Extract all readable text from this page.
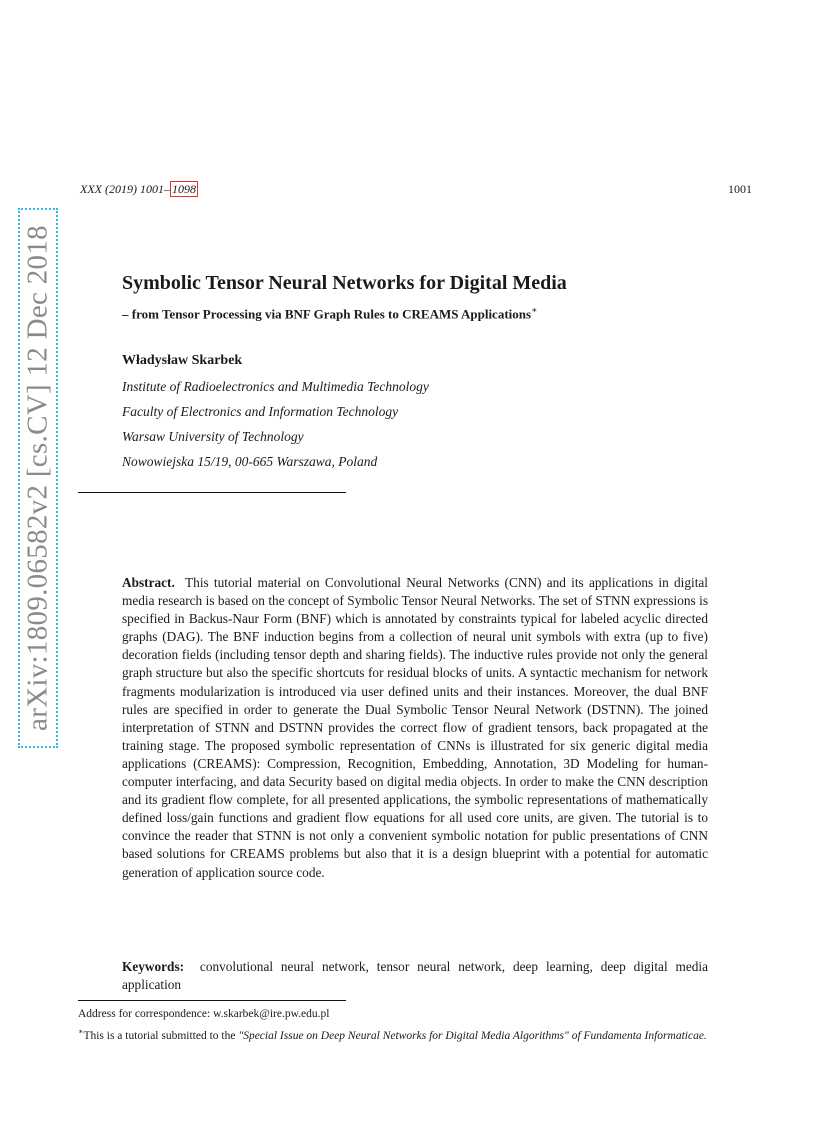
XXX (2019) 1001– 1098	1001
arXiv:1809.06582v2 [cs.CV] 12 Dec 2018	Symbolic Tensor Neural Networks for Digital Media
– from Tensor Processing via BNF Graph Rules to CREAMS Applications∗
Władysław Skarbek
Institute of Radioelectronics and Multimedia Technology
Faculty of Electronics and Information Technology
Warsaw University of Technology
Nowowiejska 15/19, 00-665 Warszawa, Poland
Abstract. This tutorial material on Convolutional Neural Networks (CNN) and its applications in digital media research is based on the concept of Symbolic Tensor Neural Networks. The set of STNN expressions is specified in Backus-Naur Form (BNF) which is annotated by constraints typical for labeled acyclic directed graphs (DAG). The BNF induction begins from a collection of neural unit symbols with extra (up to five) decoration fields (including tensor depth and sharing fields). The inductive rules provide not only the general graph structure but also the specific shortcuts for residual blocks of units. A syntactic mechanism for network fragments modularization is introduced via user defined units and their instances. Moreover, the dual BNF rules are specified in order to generate the Dual Symbolic Tensor Neural Network (DSTNN). The joined interpretation of STNN and DSTNN provides the correct flow of gradient tensors, back propagated at the training stage. The proposed symbolic representation of CNNs is illustrated for six generic digital media applications (CREAMS): Compression, Recognition, Embedding, Annotation, 3D Modeling for human-computer interfacing, and data Security based on digital media objects. In order to make the CNN description and its gradient flow complete, for all presented applications, the symbolic representations of mathematically defined loss/gain functions and gradient flow equations for all used core units, are given. The tutorial is to convince the reader that STNN is not only a convenient symbolic notation for public presentations of CNN based solutions for CREAMS problems but also that it is a design blueprint with a potential for automatic generation of application source code.
Keywords: convolutional neural network, tensor neural network, deep learning, deep digital media application
Address for correspondence: w.skarbek@ire.pw.edu.pl
∗This is a tutorial submitted to the "Special Issue on Deep Neural Networks for Digital Media Algorithms" of Fundamenta Informaticae.
